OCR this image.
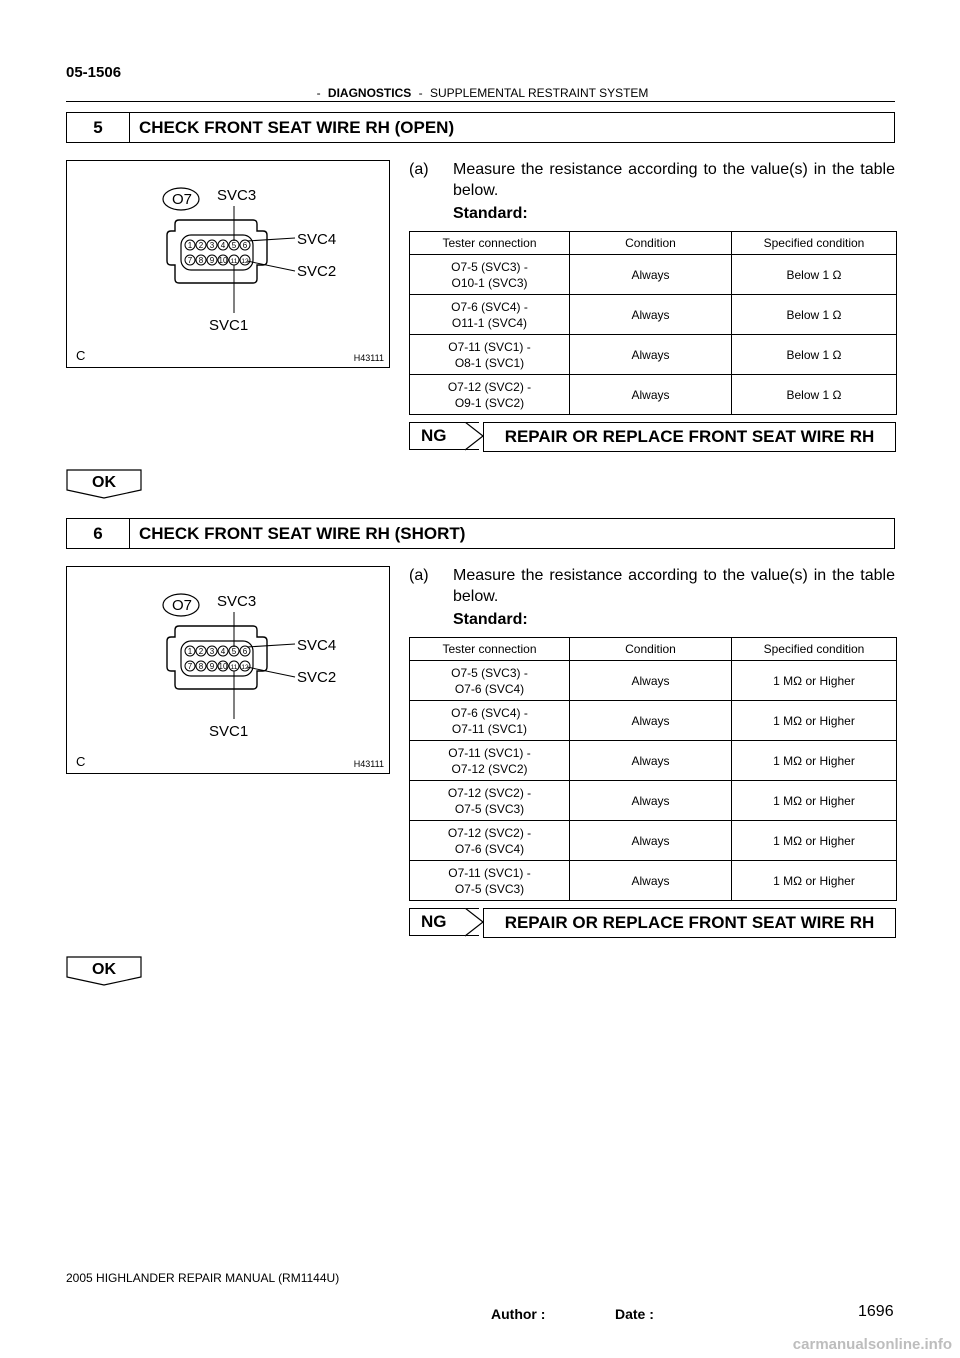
05-1506
- DIAGNOSTICS - SUPPLEMENTAL RESTRAINT SYSTEM
5	CHECK FRONT SEAT WIRE RH (OPEN)
1 2 3 4 5 6
7 8 9 10 11 12
O7 SVC3
SVC4
SVC2
SVC1
C	H43111
(a) Measure the resistance according to the value(s) in the table below.
Standard:
Tester connection	Condition	Specified condition
O7-5 (SVC3) -
O10-1 (SVC3)	Always	Below 1 Ω
O7-6 (SVC4) -
O11-1 (SVC4)	Always	Below 1 Ω
O7-11 (SVC1) -
O8-1 (SVC1)	Always	Below 1 Ω
O7-12 (SVC2) -
O9-1 (SVC2)	Always	Below 1 Ω
NG	REPAIR OR REPLACE FRONT SEAT WIRE RH
OK
6	CHECK FRONT SEAT WIRE RH (SHORT)
1 2 3 4 5 6
7 8 9 10 11 12
O7 SVC3
SVC4
SVC2
SVC1
C	H43111
(a) Measure the resistance according to the value(s) in the table below.
Standard:
Tester connection	Condition	Specified condition
O7-5 (SVC3) -
O7-6 (SVC4)	Always	1 MΩ or Higher
O7-6 (SVC4) -
O7-11 (SVC1)	Always	1 MΩ or Higher
O7-11 (SVC1) -
O7-12 (SVC2)	Always	1 MΩ or Higher
O7-12 (SVC2) -
O7-5 (SVC3)	Always	1 MΩ or Higher
O7-12 (SVC2) -
O7-6 (SVC4)	Always	1 MΩ or Higher
O7-11 (SVC1) -
O7-5 (SVC3)	Always	1 MΩ or Higher
NG	REPAIR OR REPLACE FRONT SEAT WIRE RH
OK
2005 HIGHLANDER REPAIR MANUAL (RM1144U)
Author :	Date :	1696
carmanualsonline.info
